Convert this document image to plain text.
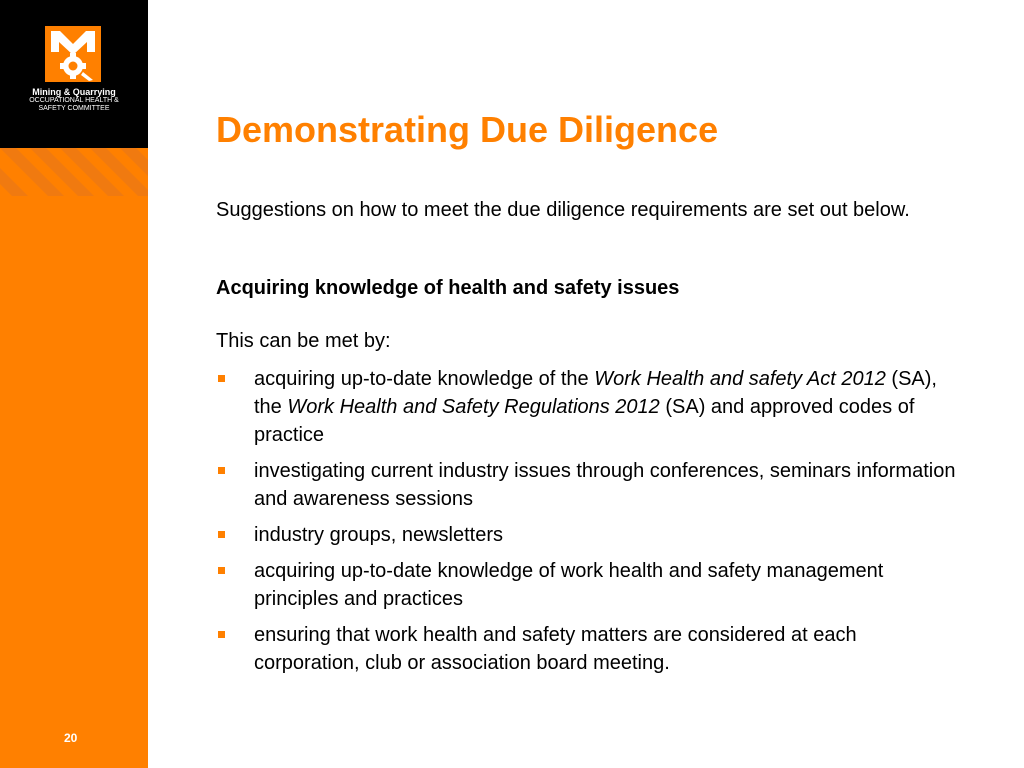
Mining & Quarrying
OCCUPATIONAL HEALTH &
SAFETY COMMITTEE
20
Demonstrating Due Diligence

Suggestions on how to meet the due diligence requirements are set out below.

Acquiring knowledge of health and safety issues

This can be met by:

acquiring up-to-date knowledge of the Work Health and safety Act 2012 (SA), the Work Health and Safety Regulations 2012 (SA) and approved codes of practice
investigating current industry issues through conferences, seminars information and awareness sessions
industry groups, newsletters
acquiring up-to-date knowledge of work health and safety management principles and practices
ensuring that work health and safety matters are considered at each corporation, club or association board meeting.
